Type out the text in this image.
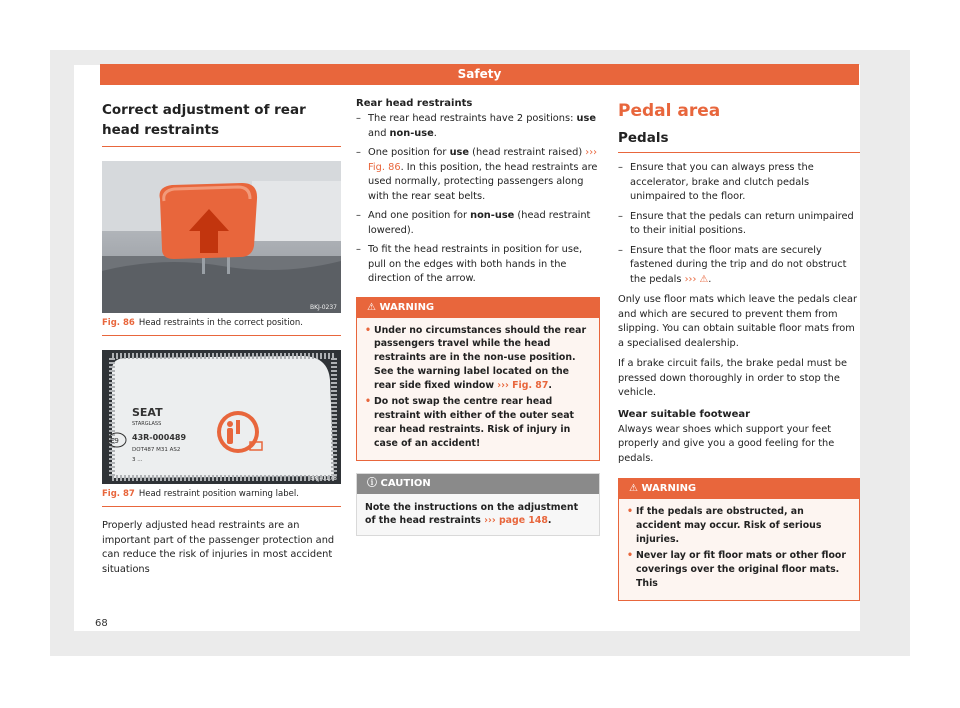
Safety
Correct adjustment of rear head restraints
BKJ-0237
Fig. 86 Head restraints in the correct position.
SEAT
STARGLASS
E9 43R-000489
DOT487 M31 AS2
3 ...
BKJ-0178
Fig. 87 Head restraint position warning label.

Properly adjusted head restraints are an important part of the passenger protection and can reduce the risk of injuries in most accident situations

Rear head restraints
– The rear head restraints have 2 positions: use and non-use.
– One position for use (head restraint raised) ››› Fig. 86. In this position, the head restraints are used normally, protecting passengers along with the rear seat belts.
– And one position for non-use (head restraint lowered).
– To fit the head restraints in position for use, pull on the edges with both hands in the direction of the arrow.
⚠ WARNING
• Under no circumstances should the rear passengers travel while the head restraints are in the non-use position. See the warning label located on the rear side fixed window ››› Fig. 87.
• Do not swap the centre rear head restraint with either of the outer seat rear head restraints. Risk of injury in case of an accident!
ⓘ CAUTION
Note the instructions on the adjustment of the head restraints ››› page 148.
Pedal area
Pedals
– Ensure that you can always press the accelerator, brake and clutch pedals unimpaired to the floor.
– Ensure that the pedals can return unimpaired to their initial positions.
– Ensure that the floor mats are securely fastened during the trip and do not obstruct the pedals ››› ⚠.

Only use floor mats which leave the pedals clear and which are secured to prevent them from slipping. You can obtain suitable floor mats from a specialised dealership.

If a brake circuit fails, the brake pedal must be pressed down thoroughly in order to stop the vehicle.

Wear suitable footwear

Always wear shoes which support your feet properly and give you a good feeling for the pedals.

⚠ WARNING
• If the pedals are obstructed, an accident may occur. Risk of serious injuries.
• Never lay or fit floor mats or other floor coverings over the original floor mats. This
68
